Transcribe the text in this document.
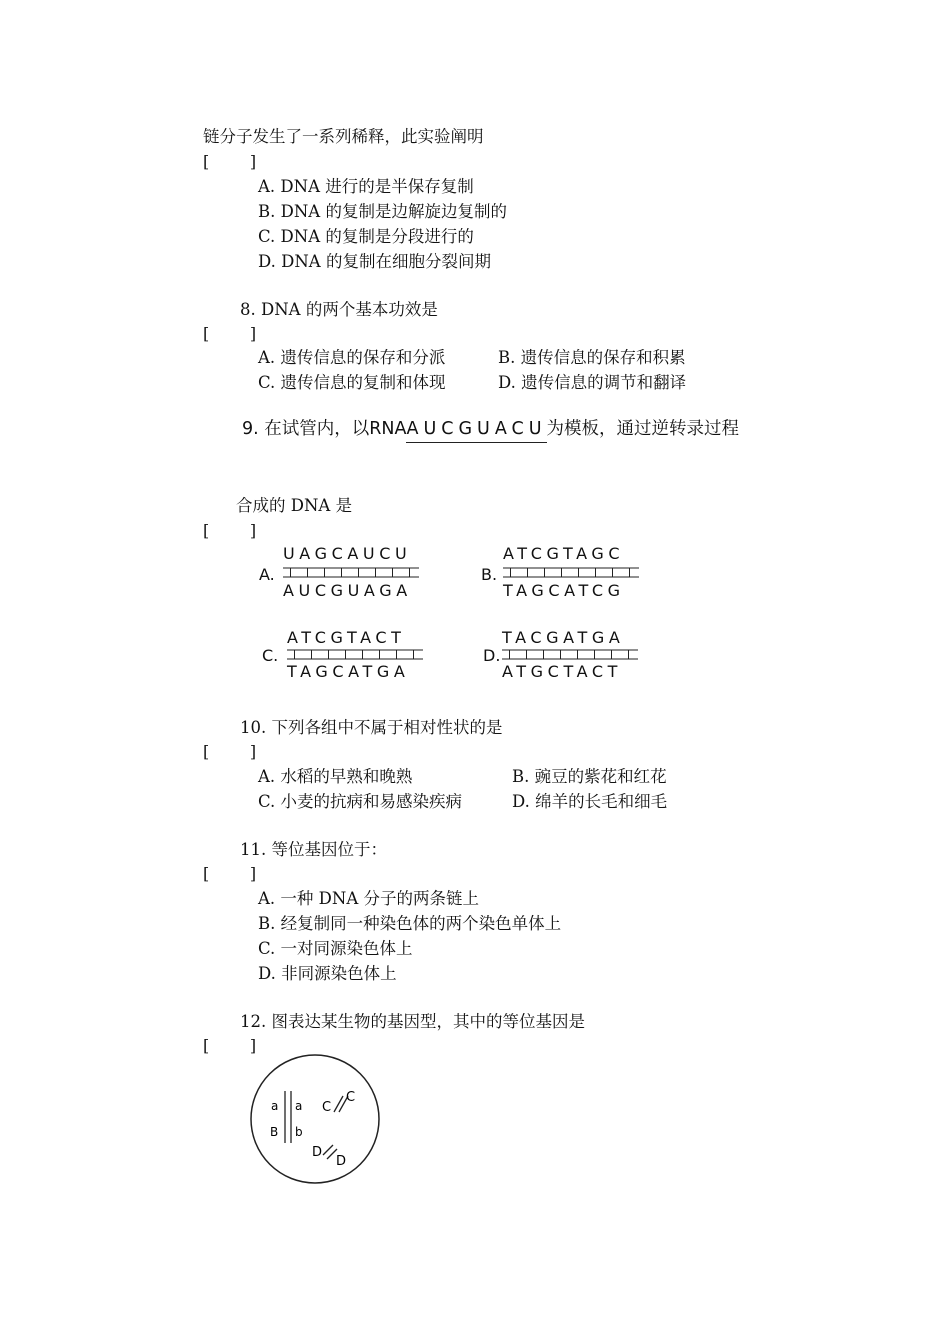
链分子发生了一系列稀释，此实验阐明
[        ]
A. DNA 进行的是半保存复制
B. DNA 的复制是边解旋边复制的
C. DNA 的复制是分段进行的
D. DNA 的复制在细胞分裂间期
8. DNA 的两个基本功效是
[        ]
A. 遗传信息的保存和分派	B. 遗传信息的保存和积累
C. 遗传信息的复制和体现	D. 遗传信息的调节和翻译
9. 在试管内，以RNAAUCGUACU为模板，通过逆转录过程
合成的 DNA 是
[        ]
A.
UAGCAUCU
AUCGUAGA
B.
ATCGTAGC
TAGCATCG
C.
ATCGTACT
TAGCATGA
D.
TACGATGA
ATGCTACT
10. 下列各组中不属于相对性状的是
[        ]
A. 水稻的早熟和晚熟	B. 豌豆的紫花和红花
C. 小麦的抗病和易感染疾病	D. 绵羊的长毛和细毛
11. 等位基因位于：
[        ]
A. 一种 DNA 分子的两条链上
B. 经复制同一种染色体的两个染色单体上
C. 一对同源染色体上
D. 非同源染色体上
12. 图表达某生物的基因型，其中的等位基因是
[        ]
a a
B b
C
C
D
D
